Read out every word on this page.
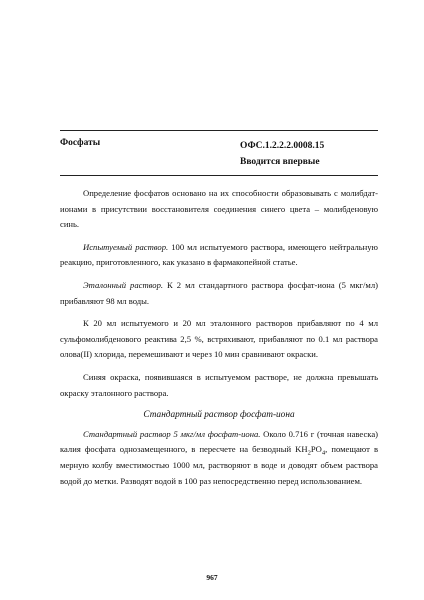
Фосфаты	ОФС.1.2.2.2.0008.15
Вводится впервые

Определение фосфатов основано на их способности образовывать с молибдат-ионами в присутствии восстановителя соединения синего цвета – молибденовую синь.

Испытуемый раствор. 100 мл испытуемого раствора, имеющего нейтральную реакцию, приготовленного, как указано в фармакопейной статье.

Эталонный раствор. К 2 мл стандартного раствора фосфат-иона (5 мкг/мл) прибавляют 98 мл воды.

К 20 мл испытуемого и 20 мл эталонного растворов прибавляют по 4 мл сульфомолибденового реактива 2,5 %, встряхивают, прибавляют по 0.1 мл раствора олова(II) хлорида, перемешивают и через 10 мин сравнивают окраски.

Синяя окраска, появившаяся в испытуемом растворе, не должна превышать окраску эталонного раствора.

Стандартный раствор фосфат-иона

Стандартный раствор 5 мкг/мл фосфат-иона. Около 0.716 г (точная навеска) калия фосфата однозамещенного, в пересчете на безводный $KH_2PO_4$, помещают в мерную колбу вместимостью 1000 мл, растворяют в воде и доводят объем раствора водой до метки. Разводят водой в 100 раз непосредственно перед использованием.

967
